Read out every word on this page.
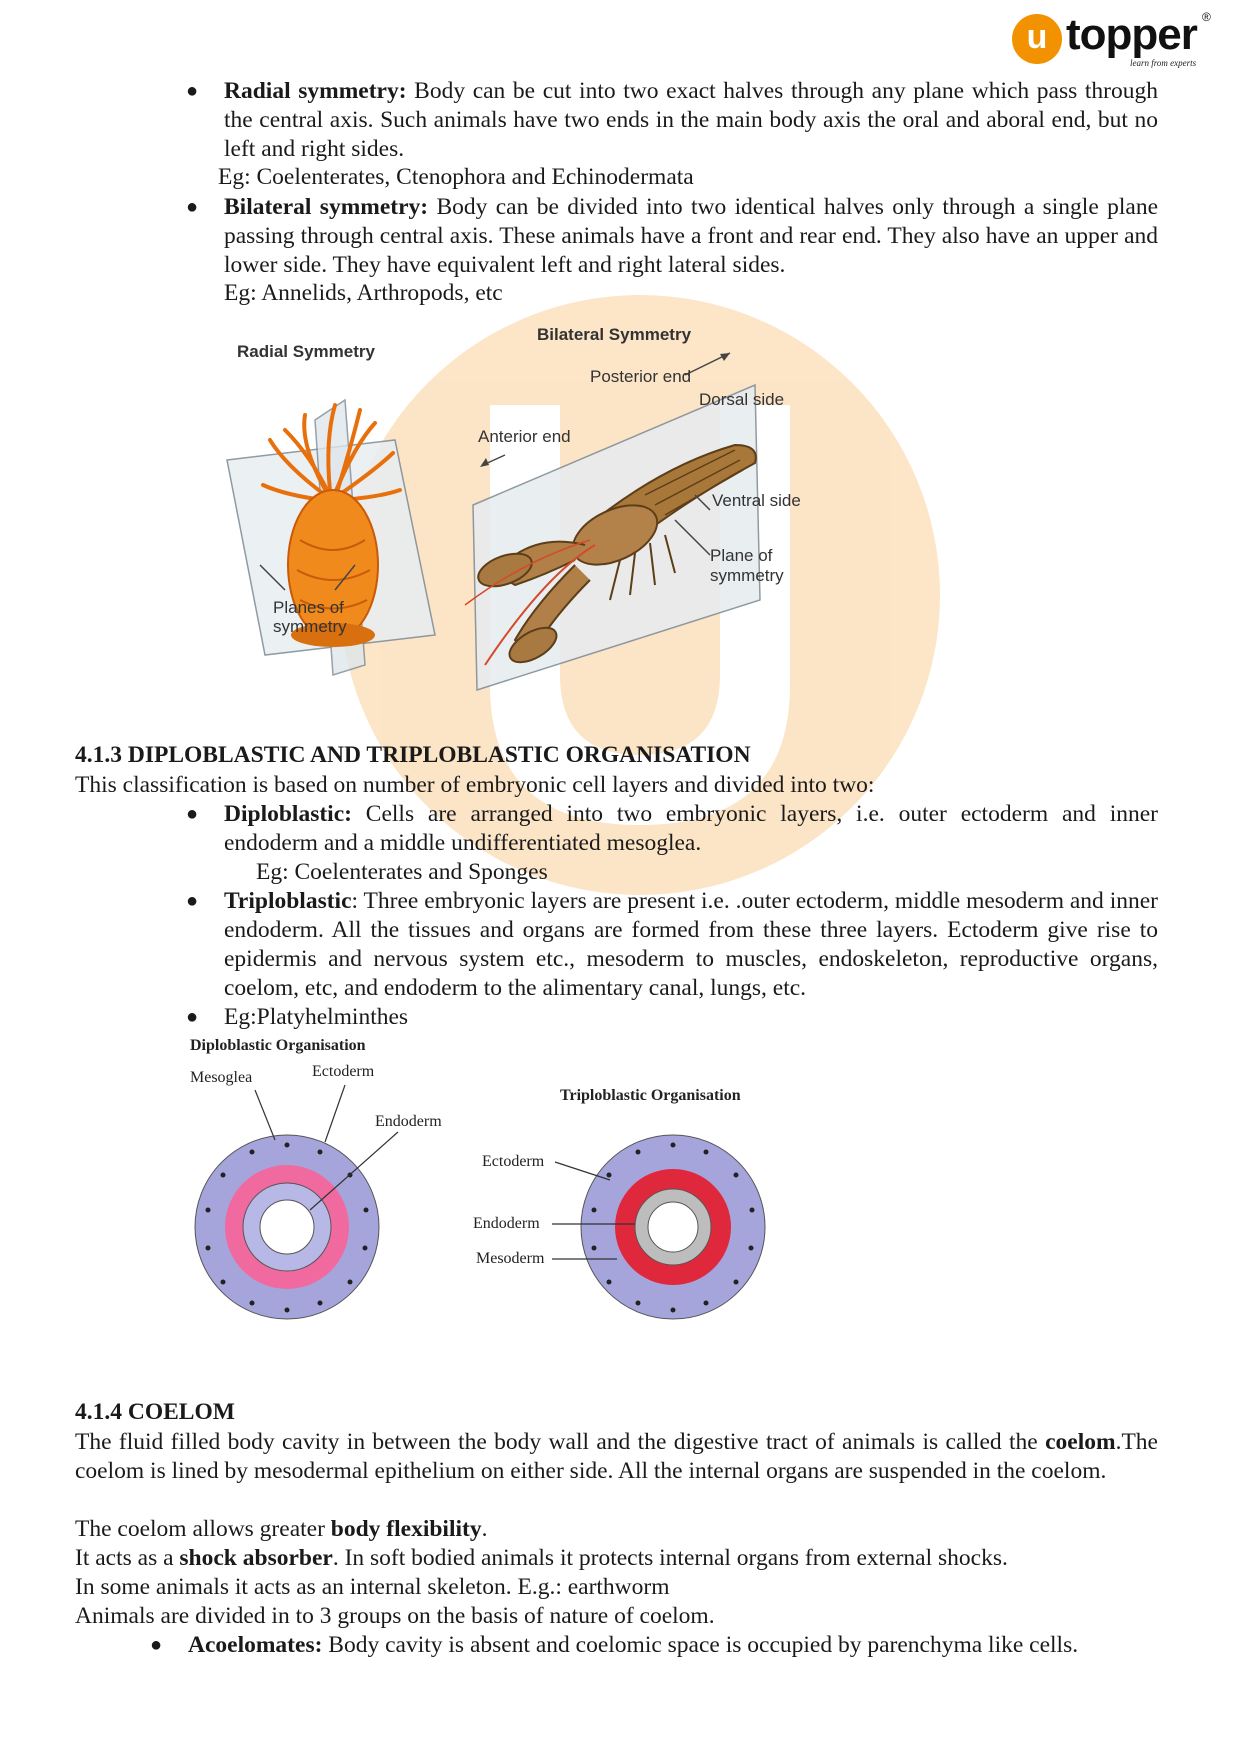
u topper ®
learn from experts
● Radial symmetry: Body can be cut into two exact halves through any plane which pass through the central axis. Such animals have two ends in the main body axis the oral and aboral end, but no left and right sides.
Eg: Coelenterates, Ctenophora and Echinodermata
● Bilateral symmetry: Body can be divided into two identical halves only through a single plane passing through central axis. These animals have a front and rear end. They also have an upper and lower side. They have equivalent left and right lateral sides.
Eg: Annelids, Arthropods, etc
Radial Symmetry
Planes of
symmetry
Bilateral Symmetry
Posterior end
Anterior end
Dorsal side
Ventral side
Plane of
symmetry
4.1.3 DIPLOBLASTIC AND TRIPLOBLASTIC ORGANISATION
This classification is based on number of embryonic cell layers and divided into two:
● Diploblastic: Cells are arranged into two embryonic layers, i.e. outer ectoderm and inner endoderm and a middle undifferentiated mesoglea.
Eg: Coelenterates and Sponges
● Triploblastic: Three embryonic layers are present i.e. .outer ectoderm, middle mesoderm and inner endoderm. All the tissues and organs are formed from these three layers. Ectoderm give rise to epidermis and nervous system etc., mesoderm to muscles, endoskeleton, reproductive organs, coelom, etc, and endoderm to the alimentary canal, lungs, etc.
● Eg:Platyhelminthes
Diploblastic Organisation
Mesoglea	Ectoderm
Endoderm
Triploblastic Organisation
Ectoderm
Endoderm
Mesoderm
4.1.4 COELOM
The fluid filled body cavity in between the body wall and the digestive tract of animals is called the coelom.The coelom is lined by mesodermal epithelium on either side. All the internal organs are suspended in the coelom.
The coelom allows greater body flexibility.
It acts as a shock absorber. In soft bodied animals it protects internal organs from external shocks.
In some animals it acts as an internal skeleton. E.g.: earthworm
Animals are divided in to 3 groups on the basis of nature of coelom.
● Acoelomates: Body cavity is absent and coelomic space is occupied by parenchyma like cells.
